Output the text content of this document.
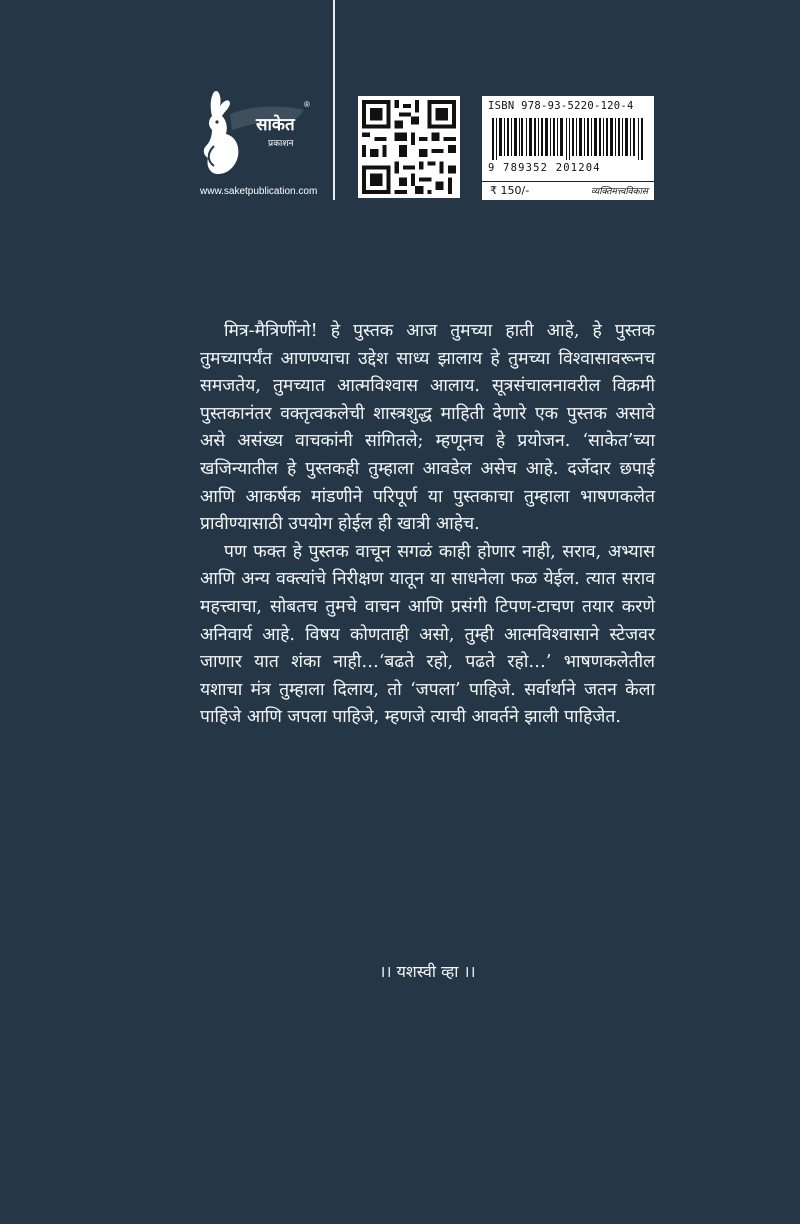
साकेत
प्रकाशन
®
www.saketpublication.com
ISBN 978-93-5220-120-4
9 789352 201204
₹ 150/-	व्यक्तिमत्त्वविकास

मित्र-मैत्रिणींनो! हे पुस्तक आज तुमच्या हाती आहे, हे पुस्तक तुमच्यापर्यंत आणण्याचा उद्देश साध्य झालाय हे तुमच्या विश्वासावरूनच समजतेय, तुमच्यात आत्मविश्वास आलाय. सूत्रसंचालनावरील विक्रमी पुस्तकानंतर वक्तृत्वकलेची शास्त्रशुद्ध माहिती देणारे एक पुस्तक असावे असे असंख्य वाचकांनी सांगितले; म्हणूनच हे प्रयोजन. ‘साकेत’च्या खजिन्यातील हे पुस्तकही तुम्हाला आवडेल असेच आहे. दर्जेदार छपाई आणि आकर्षक मांडणीने परिपूर्ण या पुस्तकाचा तुम्हाला भाषणकलेत प्रावीण्यासाठी उपयोग होईल ही खात्री आहेच.

पण फक्त हे पुस्तक वाचून सगळं काही होणार नाही, सराव, अभ्यास आणि अन्य वक्त्यांचे निरीक्षण यातून या साधनेला फळ येईल. त्यात सराव महत्त्वाचा, सोबतच तुमचे वाचन आणि प्रसंगी टिपण-टाचण तयार करणे अनिवार्य आहे. विषय कोणताही असो, तुम्ही आत्मविश्वासाने स्टेजवर जाणार यात शंका नाही…‘बढते रहो, पढते रहो…’ भाषणकलेतील यशाचा मंत्र तुम्हाला दिलाय, तो ‘जपला’ पाहिजे. सर्वार्थाने जतन केला पाहिजे आणि जपला पाहिजे, म्हणजे त्याची आवर्तने झाली पाहिजेत.

।। यशस्वी व्हा ।।
